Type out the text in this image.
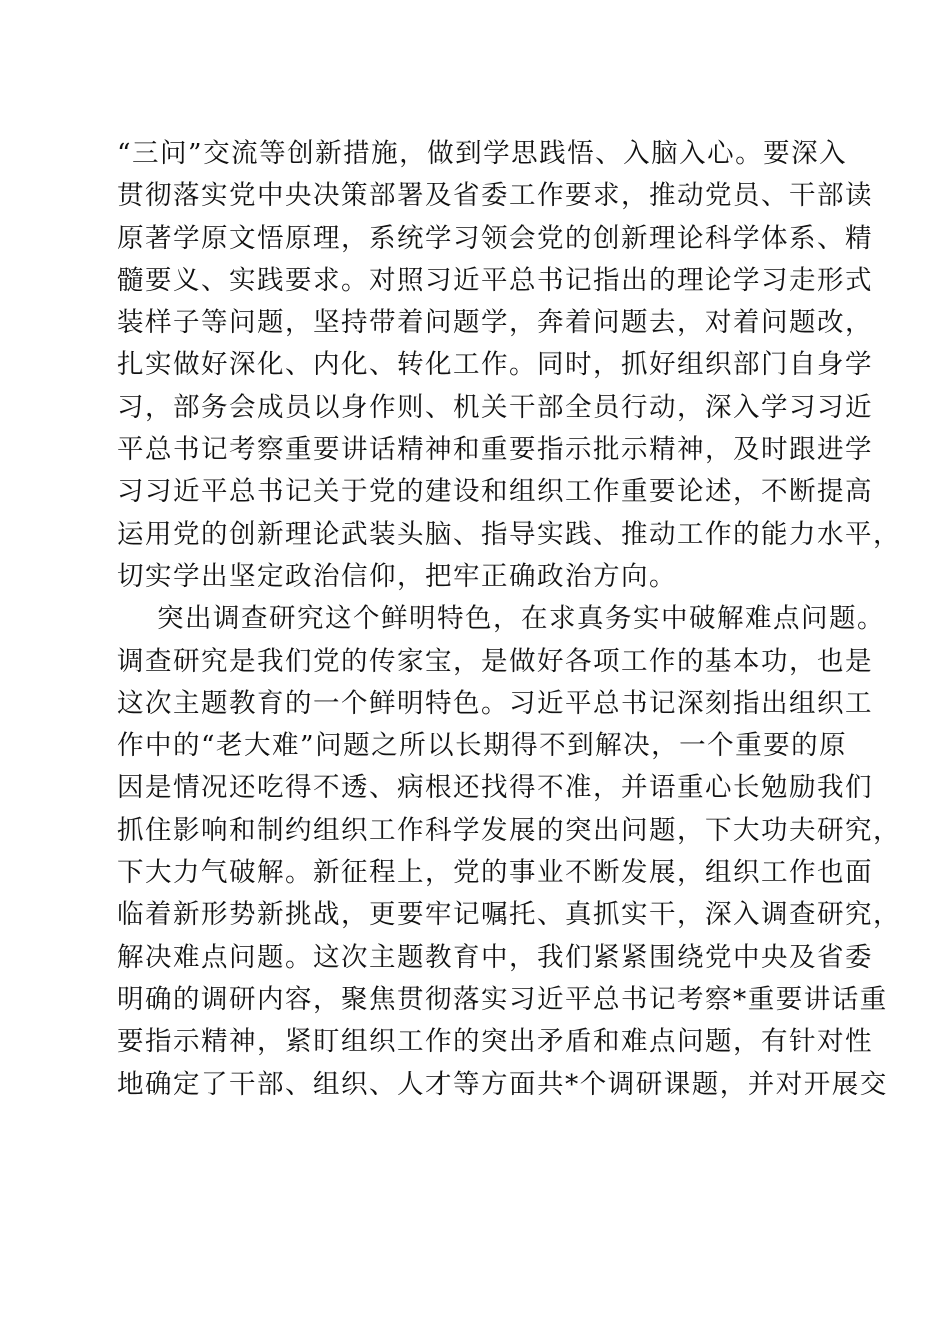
“三问”交流等创新措施，做到学思践悟、入脑入心。要深入
贯彻落实党中央决策部署及省委工作要求，推动党员、干部读
原著学原文悟原理，系统学习领会党的创新理论科学体系、精
髓要义、实践要求。对照习近平总书记指出的理论学习走形式
装样子等问题，坚持带着问题学，奔着问题去，对着问题改，
扎实做好深化、内化、转化工作。同时，抓好组织部门自身学
习，部务会成员以身作则、机关干部全员行动，深入学习习近
平总书记考察重要讲话精神和重要指示批示精神，及时跟进学
习习近平总书记关于党的建设和组织工作重要论述，不断提高
运用党的创新理论武装头脑、指导实践、推动工作的能力水平，
切实学出坚定政治信仰，把牢正确政治方向。
突出调查研究这个鲜明特色，在求真务实中破解难点问题。
调查研究是我们党的传家宝，是做好各项工作的基本功，也是
这次主题教育的一个鲜明特色。习近平总书记深刻指出组织工
作中的“老大难”问题之所以长期得不到解决，一个重要的原
因是情况还吃得不透、病根还找得不准，并语重心长勉励我们
抓住影响和制约组织工作科学发展的突出问题，下大功夫研究，
下大力气破解。新征程上，党的事业不断发展，组织工作也面
临着新形势新挑战，更要牢记嘱托、真抓实干，深入调查研究，
解决难点问题。这次主题教育中，我们紧紧围绕党中央及省委
明确的调研内容，聚焦贯彻落实习近平总书记考察*重要讲话重
要指示精神，紧盯组织工作的突出矛盾和难点问题，有针对性
地确定了干部、组织、人才等方面共*个调研课题，并对开展交
